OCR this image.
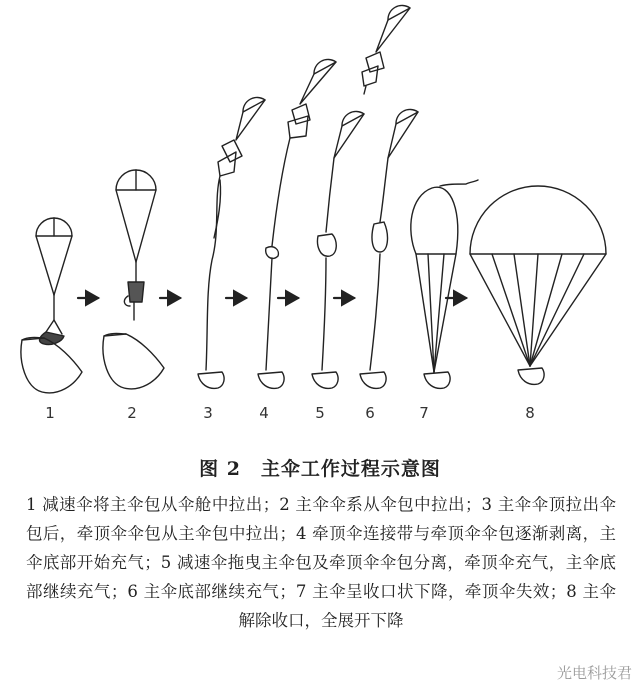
1	2	3	4	5	6	7	8
图 2　主伞工作过程示意图
1 减速伞将主伞包从伞舱中拉出；2 主伞伞系从伞包中拉出；3 主伞伞顶拉出伞包后，牵顶伞伞包从主伞包中拉出；4 牵顶伞连接带与牵顶伞伞包逐渐剥离，主伞底部开始充气；5 减速伞拖曳主伞包及牵顶伞伞包分离，牵顶伞充气，主伞底部继续充气；6 主伞底部继续充气；7 主伞呈收口状下降，牵顶伞失效；8 主伞解除收口，全展开下降
光电科技君
